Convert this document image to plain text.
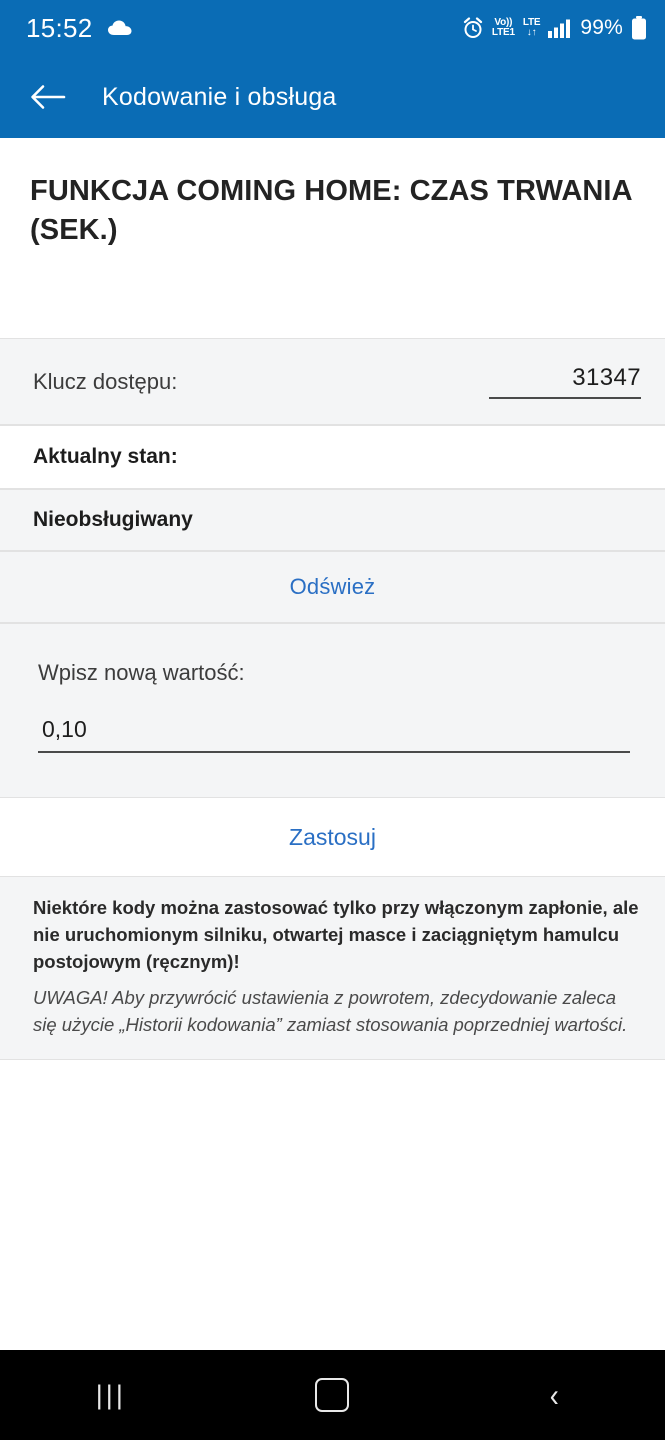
15:52	Vo))
LTE1
LTE
↓↑ 99%
Kodowanie i obsługa
FUNKCJA COMING HOME: CZAS TRWANIA (SEK.)
Klucz dostępu:	31347
Aktualny stan:
Nieobsługiwany
Odśwież
Wpisz nową wartość:
0,10
Zastosuj
Niektóre kody można zastosować tylko przy włączonym zapłonie, ale nie uruchomionym silniku, otwartej masce i zaciągniętym hamulcu postojowym (ręcznym)!
UWAGA! Aby przywrócić ustawienia z powrotem, zdecydowanie zaleca się użycie „Historii kodowania” zamiast stosowania poprzedniej wartości.
|||	‹
